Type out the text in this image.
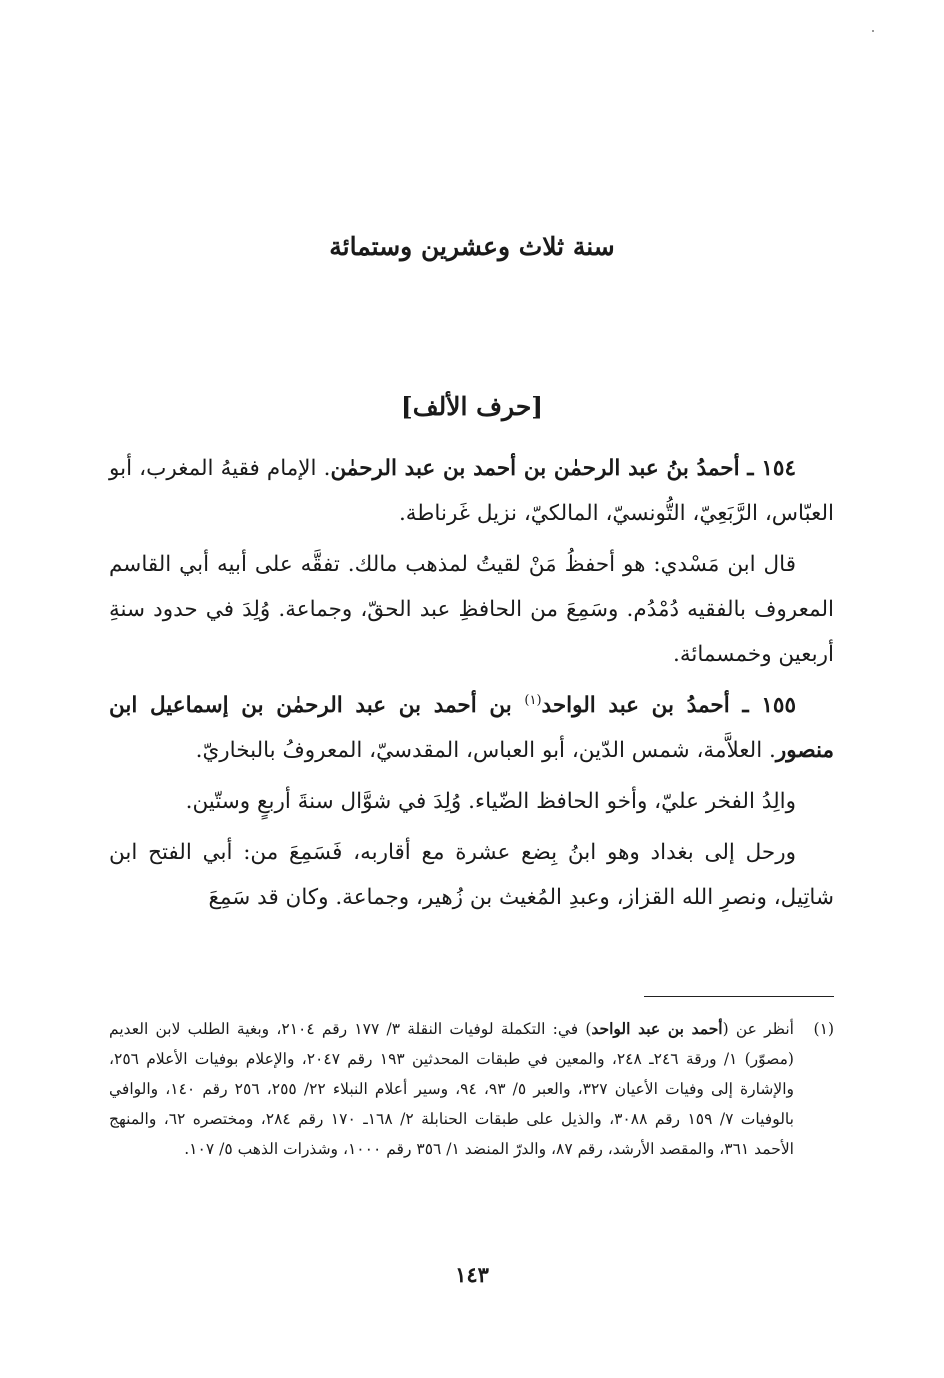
سنة ثلاث وعشرين وستمائة
[حرف الألف]

١٥٤ ـ أحمدُ بنُ عبد الرحمٰن بن أحمد بن عبد الرحمٰن. الإمام فقيهُ المغرب، أبو العبّاس، الرَّبَعِيّ، التُّونسيّ، المالكيّ، نزيل غَرناطة.

قال ابن مَسْدي: هو أحفظُ مَنْ لقيتُ لمذهب مالك. تفقَّه على أبيه أبي القاسم المعروف بالفقيه دُمْدُم. وسَمِعَ من الحافظِ عبد الحقّ، وجماعة. وُلِدَ في حدود سنةِ أربعين وخمسمائة.

١٥٥ ـ أحمدُ بن عبد الواحد$^{(١)}$ بن أحمد بن عبد الرحمٰن بن إسماعيل ابن منصور. العلاَّمة، شمس الدّين، أبو العباس، المقدسيّ، المعروفُ بالبخاريّ.

والِدُ الفخر عليّ، وأخو الحافظ الضّياء. وُلِدَ في شوَّال سنةَ أربعٍ وستّين.

ورحل إلى بغداد وهو ابنُ بِضع عشرة مع أقاربه، فَسَمِعَ من: أبي الفتح ابن شاتِيل، ونصرِ الله القزاز، وعبدِ المُغيث بن زُهير، وجماعة. وكان قد سَمِعَ

(١)
أنظر عن (أحمد بن عبد الواحد) في: التكملة لوفيات النقلة ٣/ ١٧٧ رقم ٢١٠٤، وبغية الطلب لابن العديم (مصوّر) ١/ ورقة ٢٤٦ـ ٢٤٨، والمعين في طبقات المحدثين ١٩٣ رقم ٢٠٤٧، والإعلام بوفيات الأعلام ٢٥٦، والإشارة إلى وفيات الأعيان ٣٢٧، والعبر ٥/ ٩٣، ٩٤، وسير أعلام النبلاء ٢٢/ ٢٥٥، ٢٥٦ رقم ١٤٠، والوافي بالوفيات ٧/ ١٥٩ رقم ٣٠٨٨، والذيل على طبقات الحنابلة ٢/ ١٦٨ـ ١٧٠ رقم ٢٨٤، ومختصره ٦٢، والمنهج الأحمد ٣٦١، والمقصد الأرشد، رقم ٨٧، والدرّ المنضد ١/ ٣٥٦ رقم ١٠٠٠، وشذرات الذهب ٥/ ١٠٧.
١٤٣
